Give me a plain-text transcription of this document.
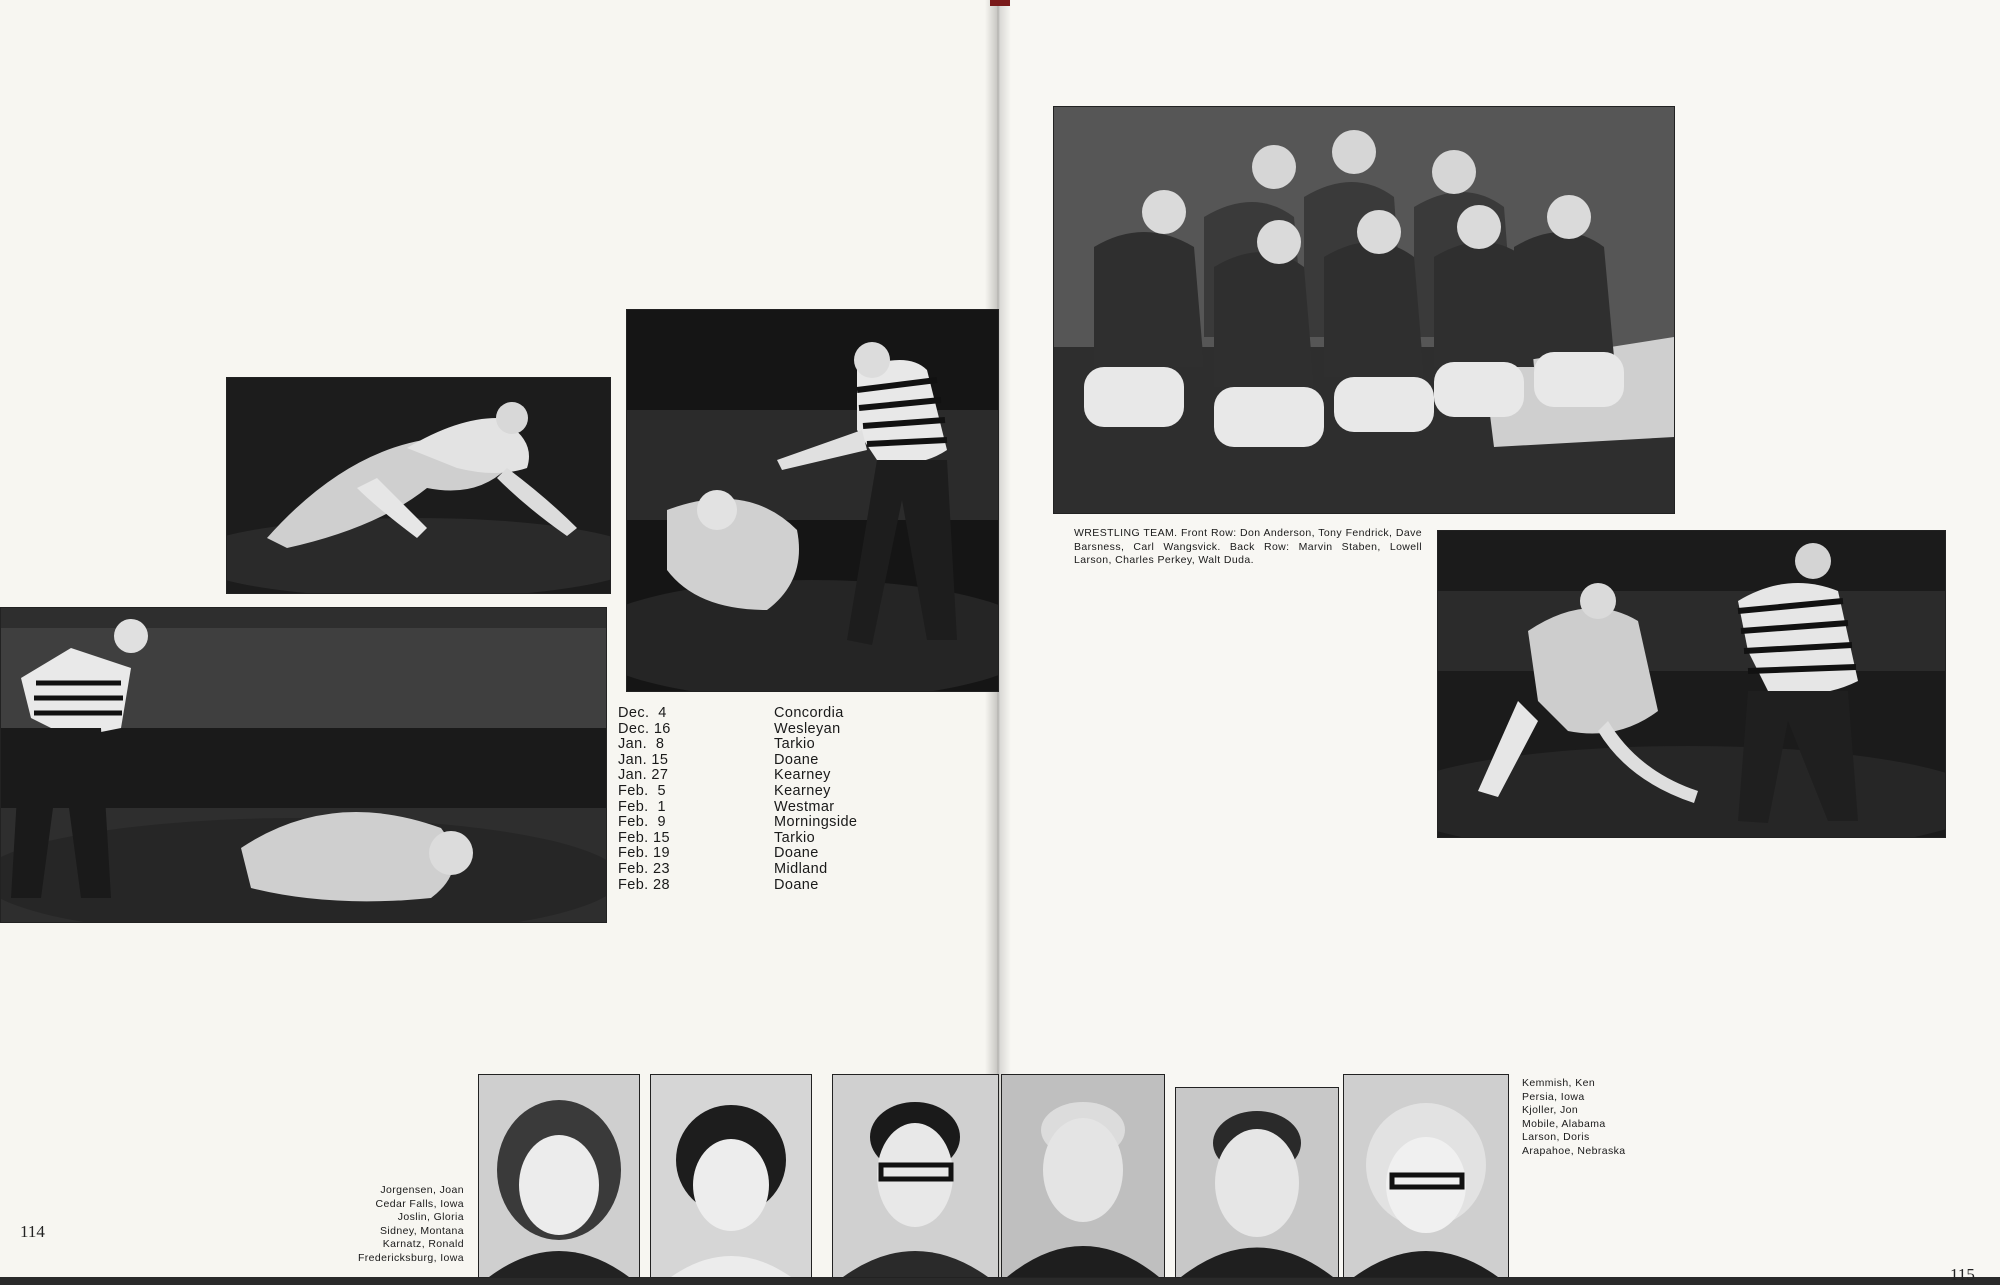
Dec.  4	Concordia
Dec. 16	Wesleyan
Jan.  8	Tarkio
Jan. 15	Doane
Jan. 27	Kearney
Feb.  5	Kearney
Feb.  1	Westmar
Feb.  9	Morningside
Feb. 15	Tarkio
Feb. 19	Doane
Feb. 23	Midland
Feb. 28	Doane
WRESTLING TEAM. Front Row: Don Anderson, Tony Fendrick, Dave Barsness, Carl Wangsvick. Back Row: Marvin Staben, Lowell Larson, Charles Perkey, Walt Duda.
Jorgensen, Joan
Cedar Falls, Iowa
Joslin, Gloria
Sidney, Montana
Karnatz, Ronald
Fredericksburg, Iowa
Kemmish, Ken
Persia, Iowa
Kjoller, Jon
Mobile, Alabama
Larson, Doris
Arapahoe, Nebraska
114
115
